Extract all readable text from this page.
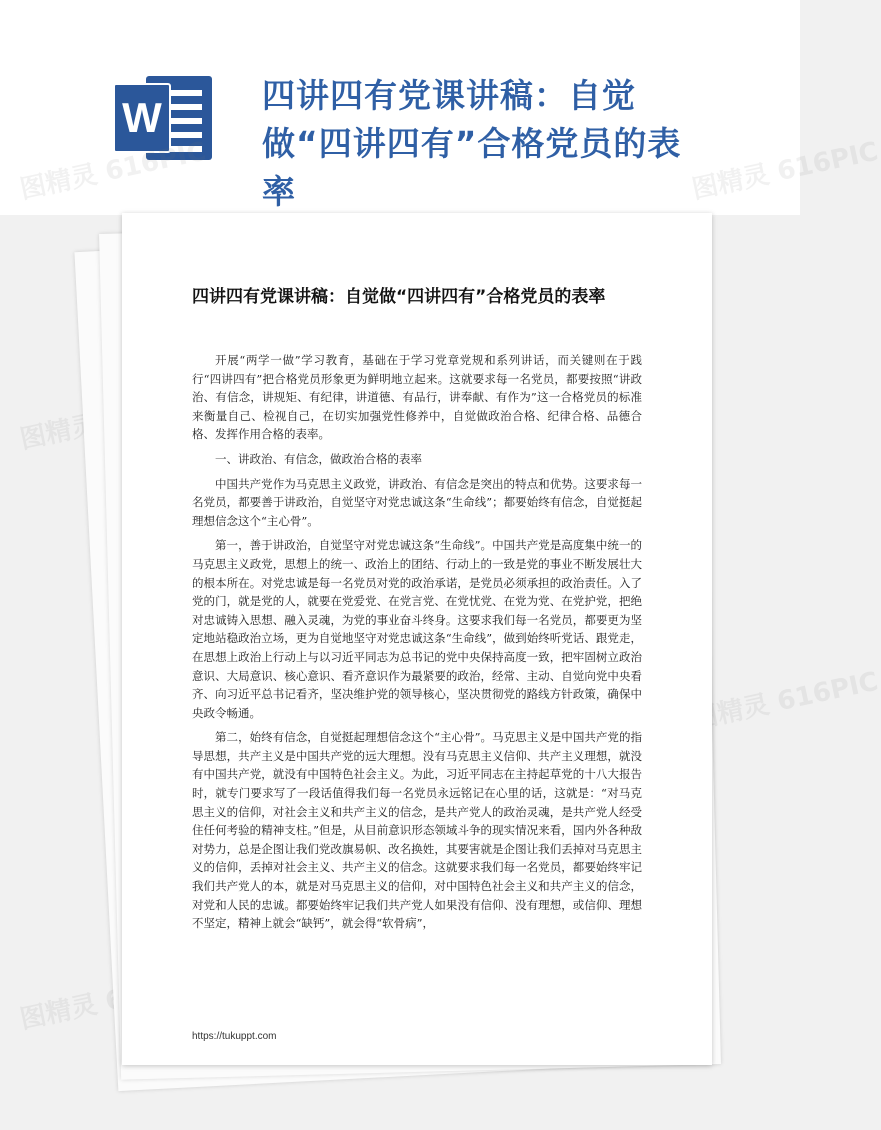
W	四讲四有党课讲稿：自觉做“四讲四有”合格党员的表率
616PIC
图精灵
图精灵 616PIC
图精灵
四讲四有党课讲稿：自觉做“四讲四有”合格党员的表率

开展“两学一做”学习教育，基础在于学习党章党规和系列讲话，而关键则在于践行“四讲四有”把合格党员形象更为鲜明地立起来。这就要求每一名党员，都要按照“讲政治、有信念，讲规矩、有纪律，讲道德、有品行，讲奉献、有作为”这一合格党员的标准来衡量自己、检视自己，在切实加强党性修养中，自觉做政治合格、纪律合格、品德合格、发挥作用合格的表率。

一、讲政治、有信念，做政治合格的表率

中国共产党作为马克思主义政党，讲政治、有信念是突出的特点和优势。这要求每一名党员，都要善于讲政治，自觉坚守对党忠诚这条“生命线”；都要始终有信念，自觉挺起理想信念这个“主心骨”。

第一，善于讲政治，自觉坚守对党忠诚这条“生命线”。中国共产党是高度集中统一的马克思主义政党，思想上的统一、政治上的团结、行动上的一致是党的事业不断发展壮大的根本所在。对党忠诚是每一名党员对党的政治承诺，是党员必须承担的政治责任。入了党的门，就是党的人，就要在党爱党、在党言党、在党忧党、在党为党、在党护党，把绝对忠诚铸入思想、融入灵魂，为党的事业奋斗终身。这要求我们每一名党员，都要更为坚定地站稳政治立场，更为自觉地坚守对党忠诚这条“生命线”，做到始终听党话、跟党走，在思想上政治上行动上与以习近平同志为总书记的党中央保持高度一致，把牢固树立政治意识、大局意识、核心意识、看齐意识作为最紧要的政治，经常、主动、自觉向党中央看齐、向习近平总书记看齐，坚决维护党的领导核心，坚决贯彻党的路线方针政策，确保中央政令畅通。

第二，始终有信念，自觉挺起理想信念这个“主心骨”。马克思主义是中国共产党的指导思想，共产主义是中国共产党的远大理想。没有马克思主义信仰、共产主义理想，就没有中国共产党，就没有中国特色社会主义。为此，习近平同志在主持起草党的十八大报告时，就专门要求写了一段话值得我们每一名党员永远铭记在心里的话，这就是：“对马克思主义的信仰，对社会主义和共产主义的信念，是共产党人的政治灵魂，是共产党人经受住任何考验的精神支柱。”但是，从目前意识形态领域斗争的现实情况来看，国内外各种敌对势力，总是企图让我们党改旗易帜、改名换姓，其要害就是企图让我们丢掉对马克思主义的信仰，丢掉对社会主义、共产主义的信念。这就要求我们每一名党员，都要始终牢记我们共产党人的本，就是对马克思主义的信仰，对中国特色社会主义和共产主义的信念，对党和人民的忠诚。都要始终牢记我们共产党人如果没有信仰、没有理想，或信仰、理想不坚定，精神上就会“缺钙”，就会得“软骨病”，

https://tukuppt.com
